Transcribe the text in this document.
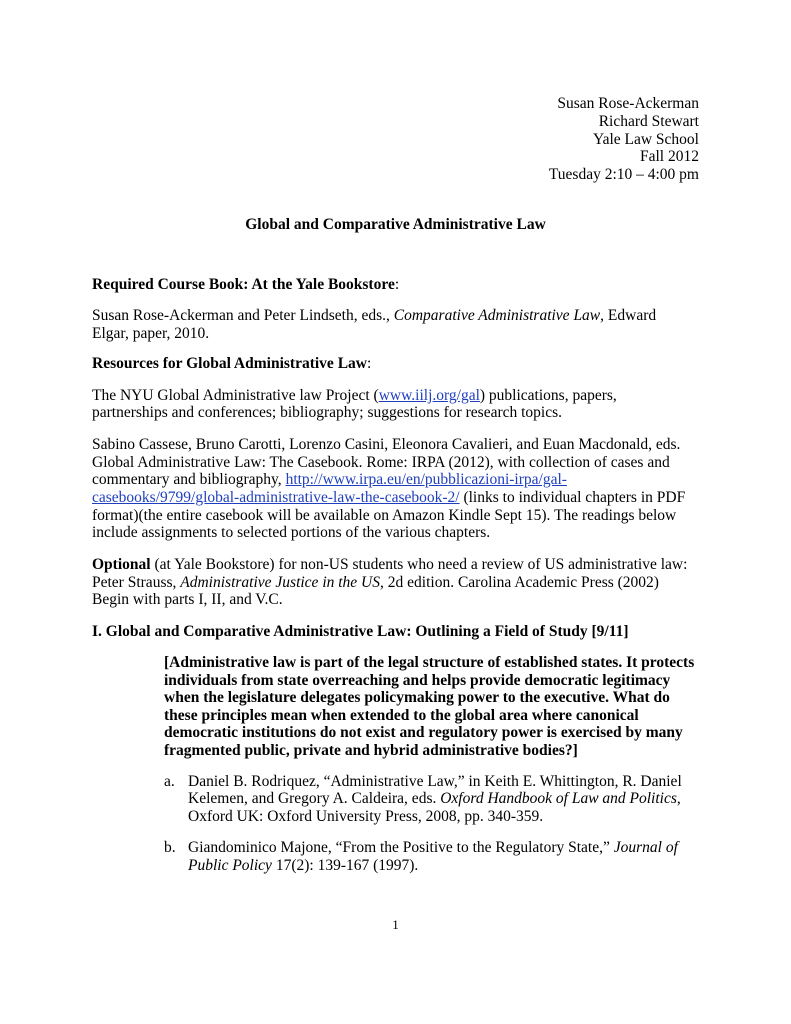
Susan Rose-Ackerman
Richard Stewart
Yale Law School
Fall 2012
Tuesday 2:10 – 4:00 pm
Global and Comparative Administrative Law
Required Course Book: At the Yale Bookstore:
Susan Rose-Ackerman and Peter Lindseth, eds., Comparative Administrative Law, Edward
Elgar, paper, 2010.
Resources for Global Administrative Law:
The NYU Global Administrative law Project (www.iilj.org/gal) publications, papers,
partnerships and conferences; bibliography; suggestions for research topics.
Sabino Cassese, Bruno Carotti, Lorenzo Casini, Eleonora Cavalieri, and Euan Macdonald, eds.
Global Administrative Law: The Casebook. Rome: IRPA (2012), with collection of cases and
commentary and bibliography, http://www.irpa.eu/en/pubblicazioni-irpa/gal-
casebooks/9799/global-administrative-law-the-casebook-2/ (links to individual chapters in PDF
format)(the entire casebook will be available on Amazon Kindle Sept 15). The readings below
include assignments to selected portions of the various chapters.
Optional (at Yale Bookstore) for non-US students who need a review of US administrative law:
Peter Strauss, Administrative Justice in the US, 2d edition. Carolina Academic Press (2002)
Begin with parts I, II, and V.C.
I. Global and Comparative Administrative Law: Outlining a Field of Study [9/11]
[Administrative law is part of the legal structure of established states. It protects
individuals from state overreaching and helps provide democratic legitimacy
when the legislature delegates policymaking power to the executive. What do
these principles mean when extended to the global area where canonical
democratic institutions do not exist and regulatory power is exercised by many
fragmented public, private and hybrid administrative bodies?]
a. Daniel B. Rodriquez, “Administrative Law,” in Keith E. Whittington, R. Daniel
Kelemen, and Gregory A. Caldeira, eds. Oxford Handbook of Law and Politics,
Oxford UK: Oxford University Press, 2008, pp. 340-359.
b. Giandominico Majone, “From the Positive to the Regulatory State,” Journal of
Public Policy 17(2): 139-167 (1997).
1
